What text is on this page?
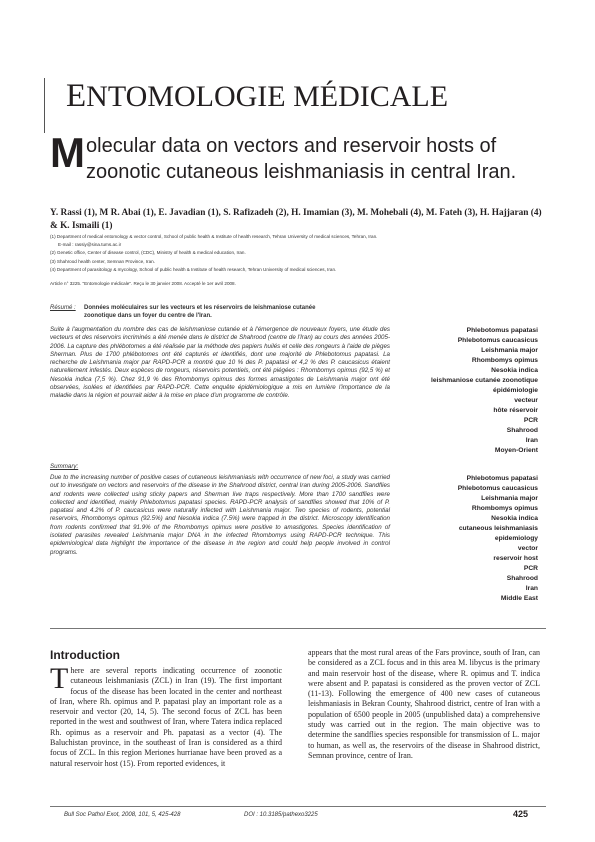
ENTOMOLOGIE MÉDICALE
Molecular data on vectors and reservoir hosts of zoonotic cutaneous leishmaniasis in central Iran.
Y. Rassi (1), M R. Abai (1), E. Javadian (1), S. Rafizadeh (2), H. Imamian (3), M. Mohebali (4), M. Fateh (3), H. Hajjaran (4) & K. Ismaili (1)
(1) Department of medical entomology & vector control, School of public health & Institute of health research, Tehran University of medical sciences, Tehran, Iran.
E-mail : rassiy@sina.tums.ac.ir
(2) Genetic office, Center of disease control, (CDC), Ministry of health & medical education, Iran.
(3) Shahrood health center, Semnan Province, Iran.
(4) Department of parasitology & mycology, School of public health & Institute of health research, Tehran University of medical sciences, Iran.
Article n° 3225. "Entomologie médicale". Reçu le 30 janvier 2008. Accepté le 1er avril 2008.
Résumé : Données moléculaires sur les vecteurs et les réservoirs de leishmaniose cutanée
zoonotique dans un foyer du centre de l'Iran.
Suite à l'augmentation du nombre des cas de leishmaniose cutanée et à l'émergence de nouveaux foyers, une étude des vecteurs et des réservoirs incriminés a été menée dans le district de Shahrood (centre de l'Iran) au cours des années 2005-2006. La capture des phlébotomes a été réalisée par la méthode des papiers huilés et celle des rongeurs à l'aide de pièges Sherman. Plus de 1700 phlébotomes ont été capturés et identifiés, dont une majorité de Phlebotomus papatasi. La recherche de Leishmania major par RAPD-PCR a montré que 10 % des P. papatasi et 4,2 % des P. caucasicus étaient naturellement infestés. Deux espèces de rongeurs, réservoirs potentiels, ont été piégées : Rhombomys opimus (92,5 %) et Nesokia indica (7,5 %). Chez 91,9 % des Rhombomys opimus des formes amastigotes de Leishmania major ont été observées, isolées et identifiées par RAPD-PCR. Cette enquête épidémiologique a mis en lumière l'importance de la maladie dans la région et pourrait aider à la mise en place d'un programme de contrôle.
Phlebotomus papatasi
Phlebotomus caucasicus
Leishmania major
Rhombomys opimus
Nesokia indica
leishmaniose cutanée zoonotique
épidémiologie
vecteur
hôte réservoir
PCR
Shahrood
Iran
Moyen-Orient
Summary:
Due to the increasing number of positive cases of cutaneous leishmaniasis with occurrence of new foci, a study was carried out to investigate on vectors and reservoirs of the disease in the Shahrood district, central Iran during 2005-2006. Sandflies and rodents were collected using sticky papers and Sherman live traps respectively. More than 1700 sandflies were collected and identified, mainly Phlebotomus papatasi species. RAPD-PCR analysis of sandflies showed that 10% of P. papatasi and 4.2% of P. caucasicus were naturally infected with Leishmania major. Two species of rodents, potential reservoirs, Rhombomys opimus (92.5%) and Nesokia indica (7.5%) were trapped in the district. Microscopy identification from rodents confirmed that 91.9% of the Rhombomys opimus were positive to amastigotes. Species identification of isolated parasites revealed Leishmania major DNA in the infected Rhombomys using RAPD-PCR technique. This epidemiological data highlight the importance of the disease in the region and could help people involved in control programs.
Phlebotomus papatasi
Phlebotomus caucasicus
Leishmania major
Rhombomys opimus
Nesokia indica
cutaneous leishmaniasis
epidemiology
vector
reservoir host
PCR
Shahrood
Iran
Middle East
Introduction
There are several reports indicating occurrence of zoonotic cutaneous leishmaniasis (ZCL) in Iran (19). The first important focus of the disease has been located in the center and northeast of Iran, where Rh. opimus and P. papatasi play an important role as a reservoir and vector (20, 14, 5). The second focus of ZCL has been reported in the west and southwest of Iran, where Tatera indica replaced Rh. opimus as a reservoir and Ph. papatasi as a vector (4). The Baluchistan province, in the southeast of Iran is considered as a third focus of ZCL. In this region Meriones hurrianae have been proved as a natural reservoir host (15). From reported evidences, it
appears that the most rural areas of the Fars province, south of Iran, can be considered as a ZCL focus and in this area M. libycus is the primary and main reservoir host of the disease, where R. opimus and T. indica were absent and P. papatasi is considered as the proven vector of ZCL (11-13). Following the emergence of 400 new cases of cutaneous leishmaniasis in Bekran County, Shahrood district, centre of Iran with a population of 6500 people in 2005 (unpublished data) a comprehensive study was carried out in the region. The main objective was to determine the sandflies species responsible for transmission of L. major to human, as well as, the reservoirs of the disease in Shahrood district, Semnan province, centre of Iran.
Bull Soc Pathol Exot, 2008, 101, 5, 425-428	DOI : 10.3185/pathexo3225	425
